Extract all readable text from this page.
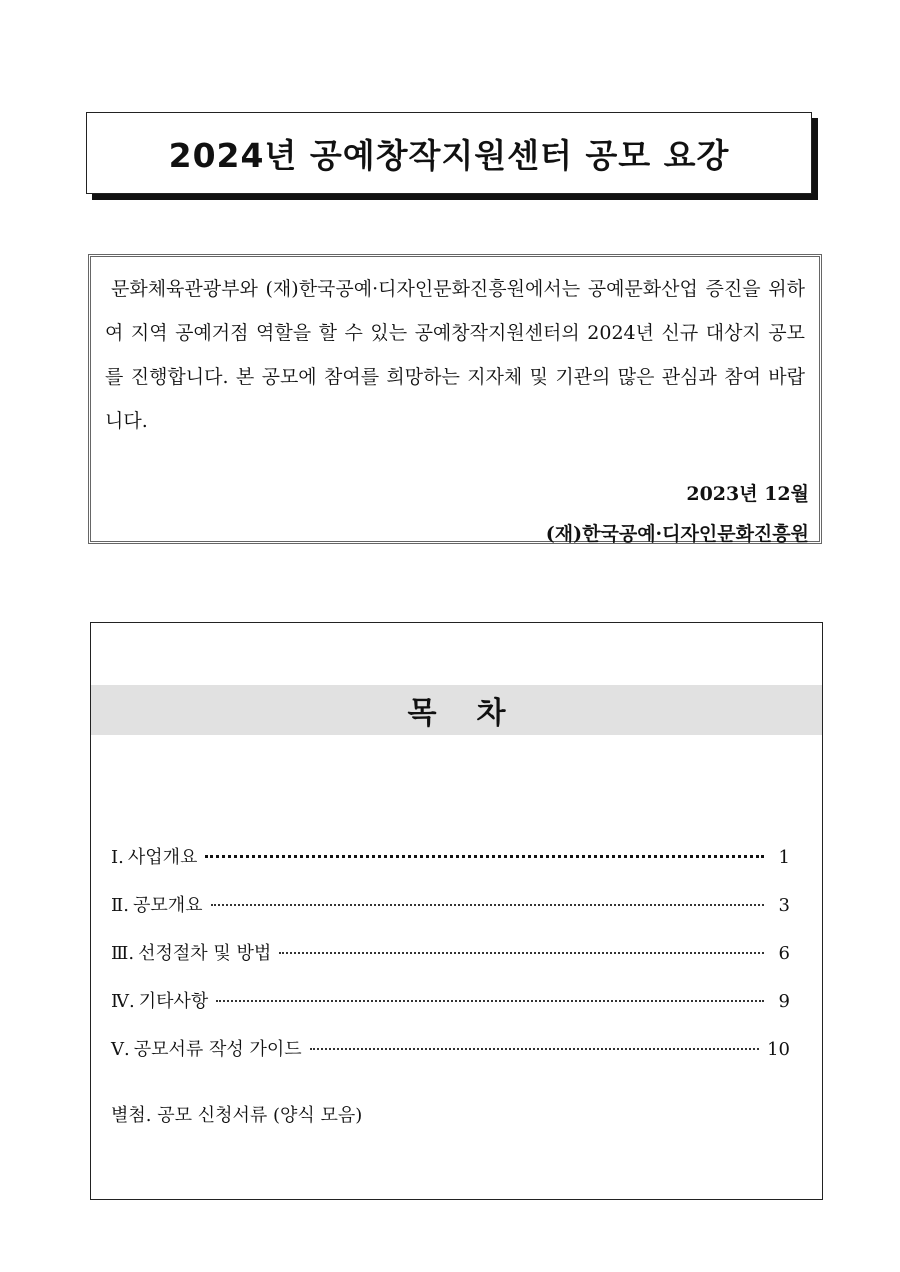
2024년 공예창작지원센터 공모 요강

문화체육관광부와 (재)한국공예·디자인문화진흥원에서는 공예문화산업 증진을 위하여 지역 공예거점 역할을 할 수 있는 공예창작지원센터의 2024년 신규 대상지 공모를 진행합니다. 본 공모에 참여를 희망하는 지자체 및 기관의 많은 관심과 참여 바랍니다.

2023년 12월
(재)한국공예·디자인문화진흥원
목차
Ⅰ. 사업개요	1
Ⅱ. 공모개요	3
Ⅲ. 선정절차 및 방법	6
Ⅳ. 기타사항	9
Ⅴ. 공모서류 작성 가이드	10
별첨. 공모 신청서류 (양식 모음)
